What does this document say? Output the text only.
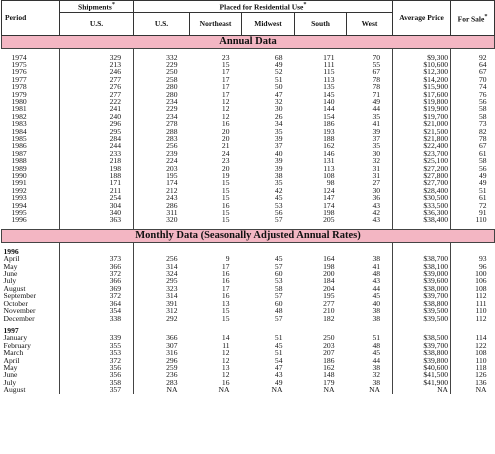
Period	Shipments*	Placed for Residential Use*					Average Price	For Sale*
	U.S.	U.S.	Northeast	Midwest	South	West		
Annual Data								

1974	329	332	23	68	171	70	$9,300	92
1975	213	229	15	49	111	55	$10,600	64
1976	246	250	17	52	115	67	$12,300	67
1977	277	258	17	51	113	78	$14,200	70
1978	276	280	17	50	135	78	$15,900	74
1979	277	280	17	47	145	71	$17,600	76
1980	222	234	12	32	140	49	$19,800	56
1981	241	229	12	30	144	44	$19,900	58
1982	240	234	12	26	154	35	$19,700	58
1983	296	278	16	34	186	41	$21,000	73
1984	295	288	20	35	193	39	$21,500	82
1985	284	283	20	39	188	37	$21,800	78
1986	244	256	21	37	162	35	$22,400	67
1987	233	239	24	40	146	30	$23,700	61
1988	218	224	23	39	131	32	$25,100	58
1989	198	203	20	39	113	31	$27,200	56
1990	188	195	19	38	108	31	$27,800	49
1991	171	174	15	35	98	27	$27,700	49
1992	211	212	15	42	124	30	$28,400	51
1993	254	243	15	45	147	36	$30,500	61
1994	304	286	16	53	174	43	$33,500	72
1995	340	311	15	56	198	42	$36,300	91
1996	363	320	15	57	205	43	$38,400	110

Monthly Data (Seasonally Adjusted Annual Rates)								

1996								
April	373	256	9	45	164	38	$38,700	93
May	366	314	17	57	198	41	$38,100	96
June	372	324	16	60	200	48	$39,000	100
July	366	295	16	53	184	43	$39,600	106
August	369	323	17	58	204	44	$38,000	108
September	372	314	16	57	195	45	$39,700	112
October	364	391	13	60	277	40	$38,800	111
November	354	312	15	48	210	38	$39,500	110
December	338	292	15	57	182	38	$39,500	112

1997								
January	339	366	14	51	250	51	$38,500	114
February	355	307	11	45	203	48	$39,700	122
March	353	316	12	51	207	45	$38,800	108
April	372	296	12	54	186	44	$39,800	110
May	356	259	13	47	162	38	$40,600	118
June	356	236	12	43	148	32	$41,500	126
July	358	283	16	49	179	38	$41,900	136
August	357	NA	NA	NA	NA	NA	NA	NA
